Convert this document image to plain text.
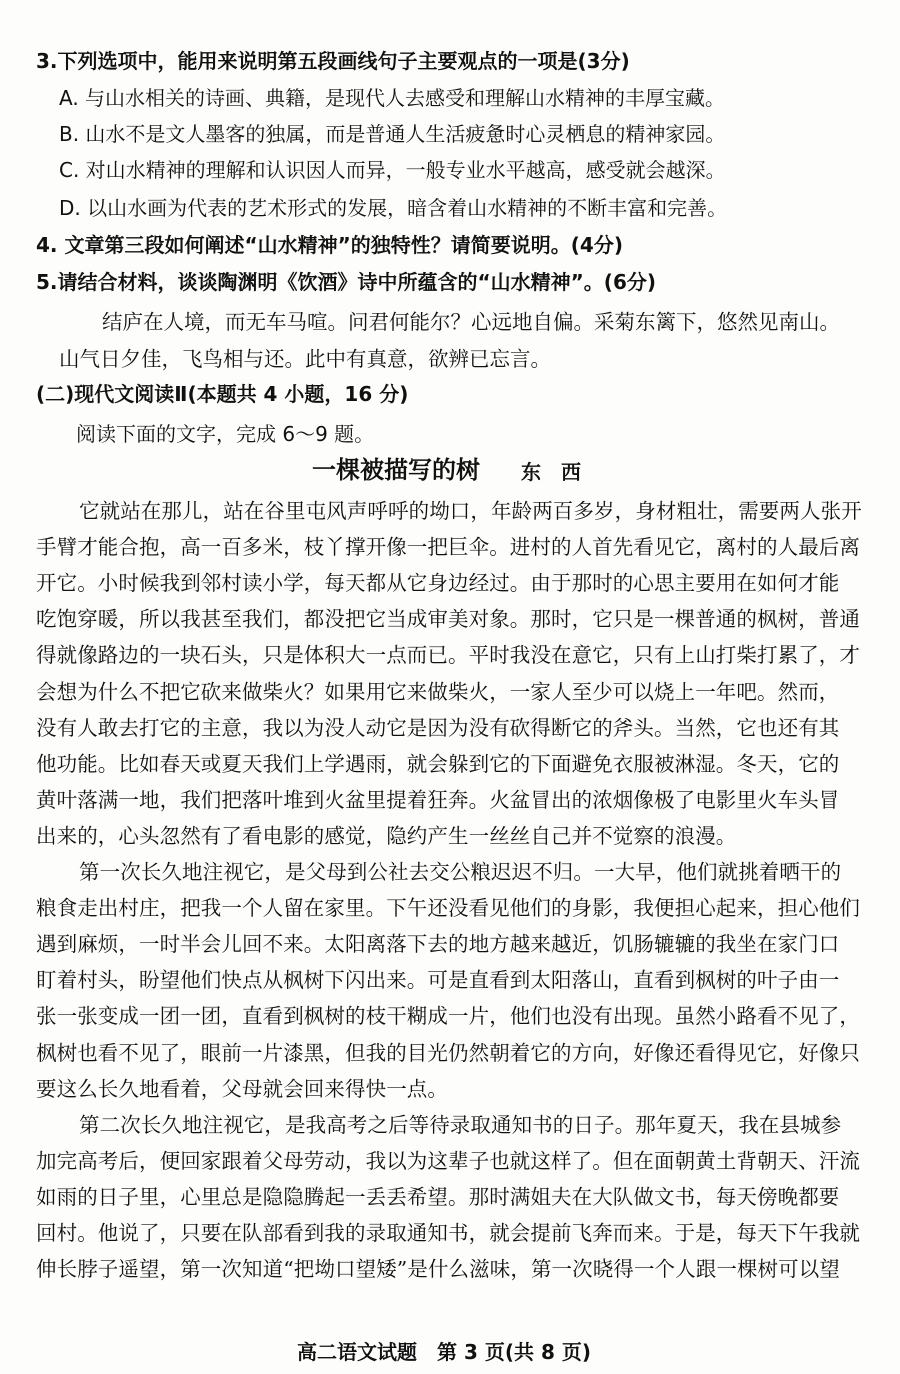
3.下列选项中，能用来说明第五段画线句子主要观点的一项是(3分)
A. 与山水相关的诗画、典籍，是现代人去感受和理解山水精神的丰厚宝藏。
B. 山水不是文人墨客的独属，而是普通人生活疲惫时心灵栖息的精神家园。
C. 对山水精神的理解和认识因人而异，一般专业水平越高，感受就会越深。
D. 以山水画为代表的艺术形式的发展，暗含着山水精神的不断丰富和完善。
4. 文章第三段如何阐述“山水精神”的独特性？请简要说明。(4分)
5.请结合材料，谈谈陶渊明《饮酒》诗中所蕴含的“山水精神”。(6分)
结庐在人境，而无车马喧。问君何能尔？心远地自偏。采菊东篱下，悠然见南山。
山气日夕佳，飞鸟相与还。此中有真意，欲辨已忘言。
(二)现代文阅读Ⅱ(本题共 4 小题，16 分)
阅读下面的文字，完成 6～9 题。
一棵被描写的树 东　西
它就站在那儿，站在谷里屯风声呼呼的坳口，年龄两百多岁，身材粗壮，需要两人张开
手臂才能合抱，高一百多米，枝丫撑开像一把巨伞。进村的人首先看见它，离村的人最后离
开它。小时候我到邻村读小学，每天都从它身边经过。由于那时的心思主要用在如何才能
吃饱穿暖，所以我甚至我们，都没把它当成审美对象。那时，它只是一棵普通的枫树，普通
得就像路边的一块石头，只是体积大一点而已。平时我没在意它，只有上山打柴打累了，才
会想为什么不把它砍来做柴火？如果用它来做柴火，一家人至少可以烧上一年吧。然而，
没有人敢去打它的主意，我以为没人动它是因为没有砍得断它的斧头。当然，它也还有其
他功能。比如春天或夏天我们上学遇雨，就会躲到它的下面避免衣服被淋湿。冬天，它的
黄叶落满一地，我们把落叶堆到火盆里提着狂奔。火盆冒出的浓烟像极了电影里火车头冒
出来的，心头忽然有了看电影的感觉，隐约产生一丝丝自己并不觉察的浪漫。
第一次长久地注视它，是父母到公社去交公粮迟迟不归。一大早，他们就挑着晒干的
粮食走出村庄，把我一个人留在家里。下午还没看见他们的身影，我便担心起来，担心他们
遇到麻烦，一时半会儿回不来。太阳离落下去的地方越来越近，饥肠辘辘的我坐在家门口
盯着村头，盼望他们快点从枫树下闪出来。可是直看到太阳落山，直看到枫树的叶子由一
张一张变成一团一团，直看到枫树的枝干糊成一片，他们也没有出现。虽然小路看不见了，
枫树也看不见了，眼前一片漆黑，但我的目光仍然朝着它的方向，好像还看得见它，好像只
要这么长久地看着，父母就会回来得快一点。
第二次长久地注视它，是我高考之后等待录取通知书的日子。那年夏天，我在县城参
加完高考后，便回家跟着父母劳动，我以为这辈子也就这样了。但在面朝黄土背朝天、汗流
如雨的日子里，心里总是隐隐腾起一丢丢希望。那时满姐夫在大队做文书，每天傍晚都要
回村。他说了，只要在队部看到我的录取通知书，就会提前飞奔而来。于是，每天下午我就
伸长脖子遥望，第一次知道“把坳口望矮”是什么滋味，第一次晓得一个人跟一棵树可以望
高二语文试题　第 3 页(共 8 页)
